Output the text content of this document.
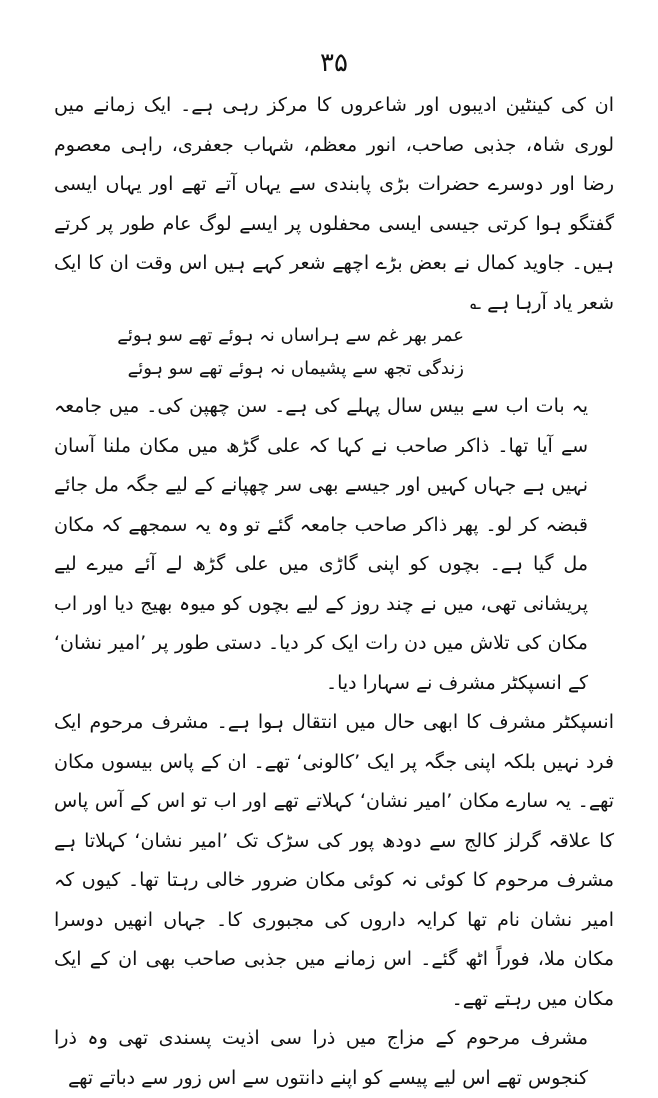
۳۵

ان کی کینٹین ادیبوں اور شاعروں کا مرکز رہی ہے۔ ایک زمانے میں لوری شاہ، جذبی صاحب، انور معظم، شہاب جعفری، راہی معصوم رضا اور دوسرے حضرات بڑی پابندی سے یہاں آتے تھے اور یہاں ایسی گفتگو ہوا کرتی جیسی ایسی محفلوں پر ایسے لوگ عام طور پر کرتے ہیں۔ جاوید کمال نے بعض بڑے اچھے شعر کہے ہیں اس وقت ان کا ایک شعر یاد آرہا ہے ؎

عمر بھر غم سے ہراساں نہ ہوئے تھے سو ہوئے
زندگی تجھ سے پشیماں نہ ہوئے تھے سو ہوئے

یہ بات اب سے بیس سال پہلے کی ہے۔ سن چھپن کی۔ میں جامعہ سے آیا تھا۔ ذاکر صاحب نے کہا کہ علی گڑھ میں مکان ملنا آسان نہیں ہے جہاں کہیں اور جیسے بھی سر چھپانے کے لیے جگہ مل جائے قبضہ کر لو۔ پھر ذاکر صاحب جامعہ گئے تو وہ یہ سمجھے کہ مکان مل گیا ہے۔ بچوں کو اپنی گاڑی میں علی گڑھ لے آئے میرے لیے پریشانی تھی، میں نے چند روز کے لیے بچوں کو میوہ بھیج دیا اور اب مکان کی تلاش میں دن رات ایک کر دیا۔ دستی طور پر ’امیر نشان‘ کے انسپکٹر مشرف نے سہارا دیا۔

انسپکٹر مشرف کا ابھی حال میں انتقال ہوا ہے۔ مشرف مرحوم ایک فرد نہیں بلکہ اپنی جگہ پر ایک ’کالونی‘ تھے۔ ان کے پاس بیسوں مکان تھے۔ یہ سارے مکان ’امیر نشان‘ کہلاتے تھے اور اب تو اس کے آس پاس کا علاقہ گرلز کالج سے دودھ پور کی سڑک تک ’امیر نشان‘ کہلاتا ہے مشرف مرحوم کا کوئی نہ کوئی مکان ضرور خالی رہتا تھا۔ کیوں کہ امیر نشان نام تھا کرایہ داروں کی مجبوری کا۔ جہاں انھیں دوسرا مکان ملا، فوراً اٹھ گئے۔ اس زمانے میں جذبی صاحب بھی ان کے ایک مکان میں رہتے تھے۔

مشرف مرحوم کے مزاج میں ذرا سی اذیت پسندی تھی وہ ذرا کنجوس تھے اس لیے پیسے کو اپنے دانتوں سے اس زور سے دباتے تھے
